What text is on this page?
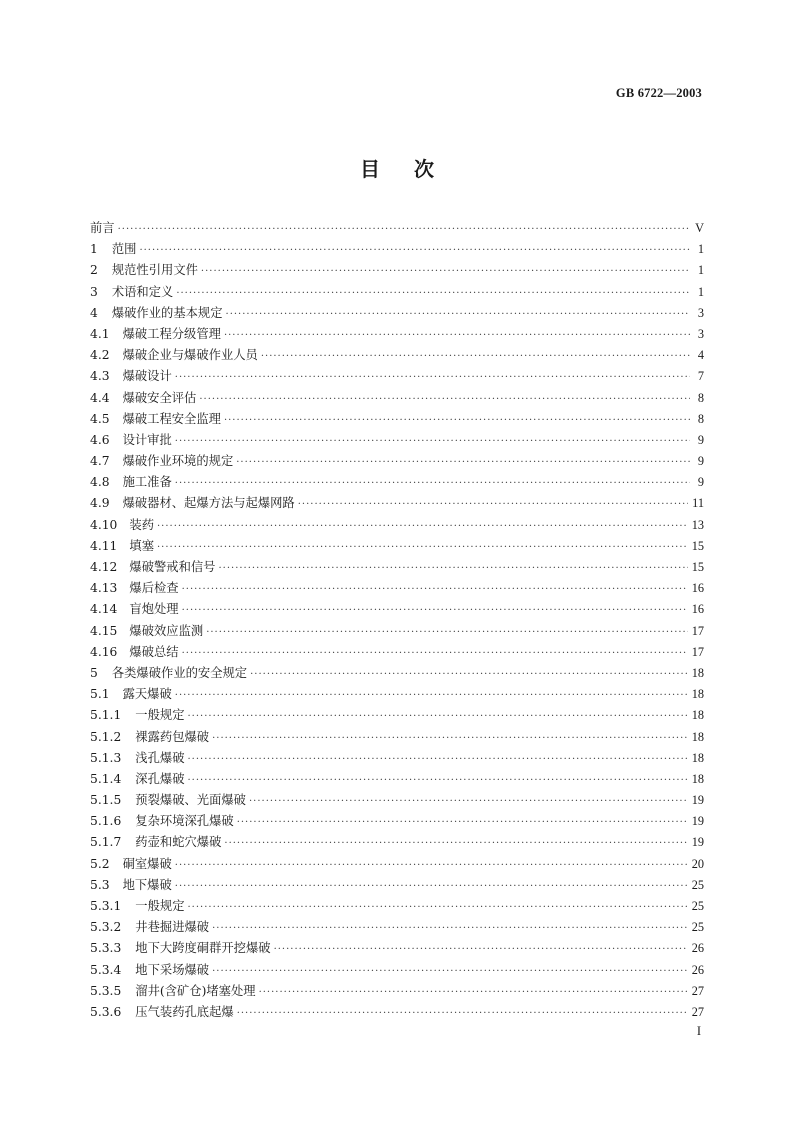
GB 6722—2003
目 次
前言 ·····	V
1 范围 ·····	1
2 规范性引用文件 ·····	1
3 术语和定义 ·····	1
4 爆破作业的基本规定 ·····	3
4.1 爆破工程分级管理 ·····	3
4.2 爆破企业与爆破作业人员 ·····	4
4.3 爆破设计 ·····	7
4.4 爆破安全评估 ·····	8
4.5 爆破工程安全监理 ·····	8
4.6 设计审批 ·····	9
4.7 爆破作业环境的规定 ·····	9
4.8 施工准备 ·····	9
4.9 爆破器材、起爆方法与起爆网路 ·····	11
4.10 装药 ·····	13
4.11 填塞 ·····	15
4.12 爆破警戒和信号 ·····	15
4.13 爆后检查 ·····	16
4.14 盲炮处理 ·····	16
4.15 爆破效应监测 ·····	17
4.16 爆破总结 ·····	17
5 各类爆破作业的安全规定 ·····	18
5.1 露天爆破 ·····	18
5.1.1 一般规定 ·····	18
5.1.2 裸露药包爆破 ·····	18
5.1.3 浅孔爆破 ·····	18
5.1.4 深孔爆破 ·····	18
5.1.5 预裂爆破、光面爆破 ·····	19
5.1.6 复杂环境深孔爆破 ·····	19
5.1.7 药壶和蛇穴爆破 ·····	19
5.2 硐室爆破 ·····	20
5.3 地下爆破 ·····	25
5.3.1 一般规定 ·····	25
5.3.2 井巷掘进爆破 ·····	25
5.3.3 地下大跨度硐群开挖爆破 ·····	26
5.3.4 地下采场爆破 ·····	26
5.3.5 溜井(含矿仓)堵塞处理 ·····	27
5.3.6 压气装药孔底起爆 ·····	27
I
